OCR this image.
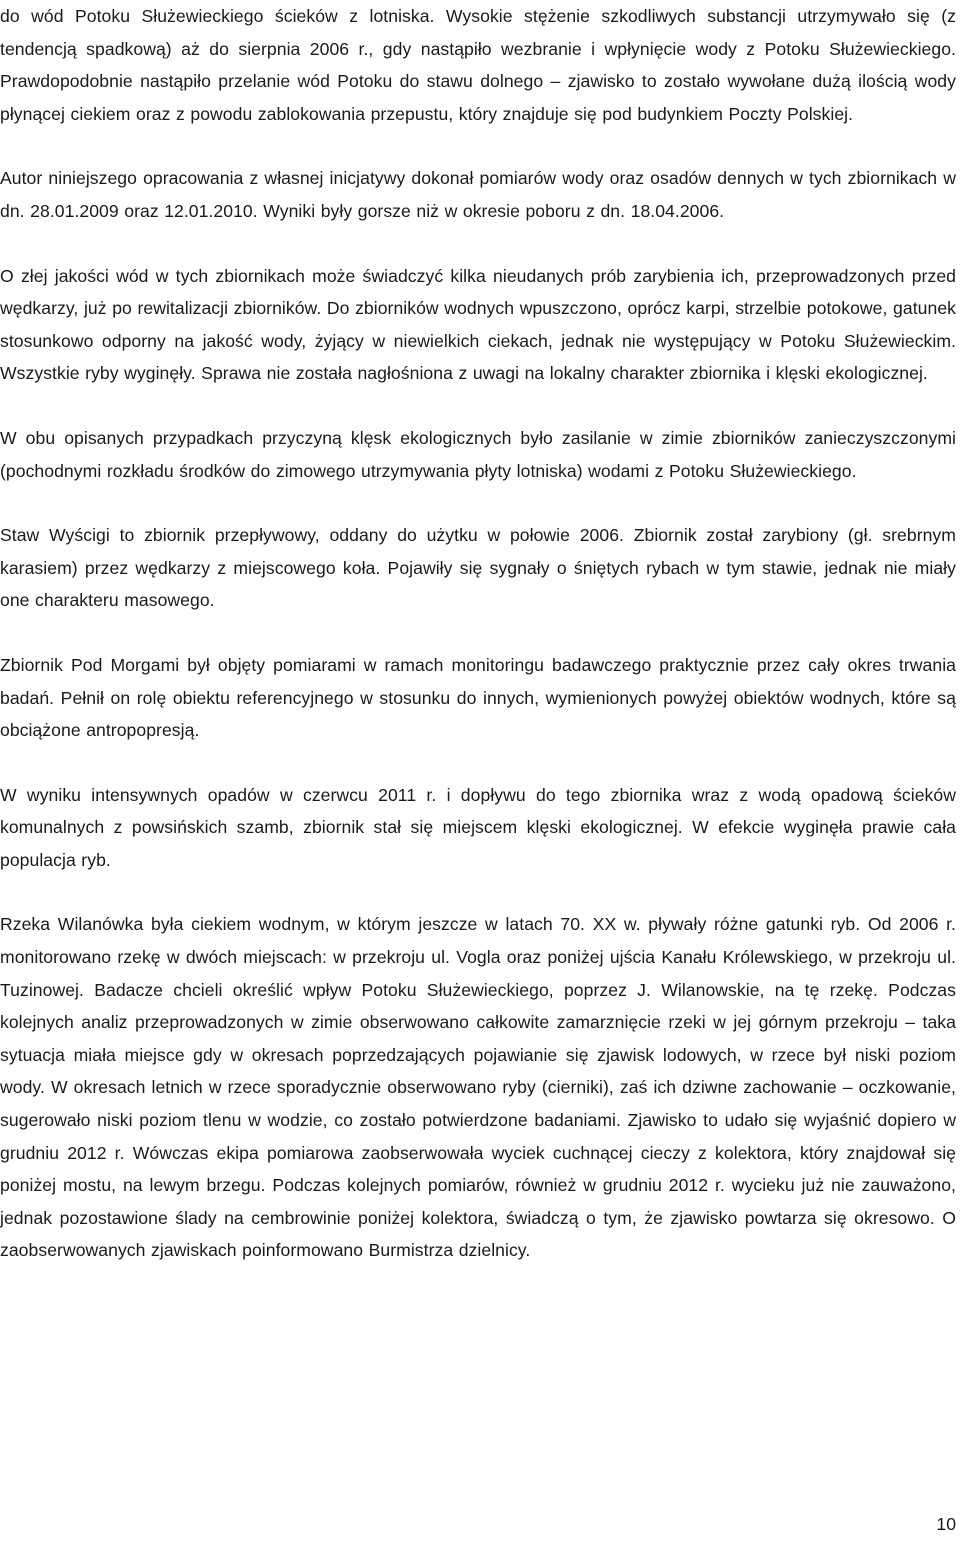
do wód Potoku Służewieckiego ścieków z lotniska. Wysokie stężenie szkodliwych substancji utrzymywało się (z tendencją spadkową) aż do sierpnia 2006 r., gdy nastąpiło wezbranie i wpłynięcie wody z Potoku Służewieckiego. Prawdopodobnie nastąpiło przelanie wód Potoku do stawu dolnego – zjawisko to zostało wywołane dużą ilością wody płynącej ciekiem oraz z powodu zablokowania przepustu, który znajduje się pod budynkiem Poczty Polskiej.

Autor niniejszego opracowania z własnej inicjatywy dokonał pomiarów wody oraz osadów dennych w tych zbiornikach w dn. 28.01.2009 oraz 12.01.2010. Wyniki były gorsze niż w okresie poboru z dn. 18.04.2006.

O złej jakości wód w tych zbiornikach może świadczyć kilka nieudanych prób zarybienia ich, przeprowadzonych przed wędkarzy, już po rewitalizacji zbiorników. Do zbiorników wodnych wpuszczono, oprócz karpi, strzelbie potokowe, gatunek stosunkowo odporny na jakość wody, żyjący w niewielkich ciekach, jednak nie występujący w Potoku Służewieckim. Wszystkie ryby wyginęły. Sprawa nie została nagłośniona z uwagi na lokalny charakter zbiornika i klęski ekologicznej.

W obu opisanych przypadkach przyczyną klęsk ekologicznych było zasilanie w zimie zbiorników zanieczyszczonymi (pochodnymi rozkładu środków do zimowego utrzymywania płyty lotniska) wodami z Potoku Służewieckiego.

Staw Wyścigi to zbiornik przepływowy, oddany do użytku w połowie 2006. Zbiornik został zarybiony (gł. srebrnym karasiem) przez wędkarzy z miejscowego koła. Pojawiły się sygnały o śniętych rybach w tym stawie, jednak nie miały one charakteru masowego.

Zbiornik Pod Morgami był objęty pomiarami w ramach monitoringu badawczego praktycznie przez cały okres trwania badań. Pełnił on rolę obiektu referencyjnego w stosunku do innych, wymienionych powyżej obiektów wodnych, które są obciążone antropopresją.

W wyniku intensywnych opadów w czerwcu 2011 r. i dopływu do tego zbiornika wraz z wodą opadową ścieków komunalnych z powsińskich szamb, zbiornik stał się miejscem klęski ekologicznej. W efekcie wyginęła prawie cała populacja ryb.

Rzeka Wilanówka była ciekiem wodnym, w którym jeszcze w latach 70. XX w. pływały różne gatunki ryb. Od 2006 r. monitorowano rzekę w dwóch miejscach: w przekroju ul. Vogla oraz poniżej ujścia Kanału Królewskiego, w przekroju ul. Tuzinowej. Badacze chcieli określić wpływ Potoku Służewieckiego, poprzez J. Wilanowskie, na tę rzekę. Podczas kolejnych analiz przeprowadzonych w zimie obserwowano całkowite zamarznięcie rzeki w jej górnym przekroju – taka sytuacja miała miejsce gdy w okresach poprzedzających pojawianie się zjawisk lodowych, w rzece był niski poziom wody. W okresach letnich w rzece sporadycznie obserwowano ryby (cierniki), zaś ich dziwne zachowanie – oczkowanie, sugerowało niski poziom tlenu w wodzie, co zostało potwierdzone badaniami. Zjawisko to udało się wyjaśnić dopiero w grudniu 2012 r. Wówczas ekipa pomiarowa zaobserwowała wyciek cuchnącej cieczy z kolektora, który znajdował się poniżej mostu, na lewym brzegu. Podczas kolejnych pomiarów, również w grudniu 2012 r. wycieku już nie zauważono, jednak pozostawione ślady na cembrowinie poniżej kolektora, świadczą o tym, że zjawisko powtarza się okresowo. O zaobserwowanych zjawiskach poinformowano Burmistrza dzielnicy.

10
